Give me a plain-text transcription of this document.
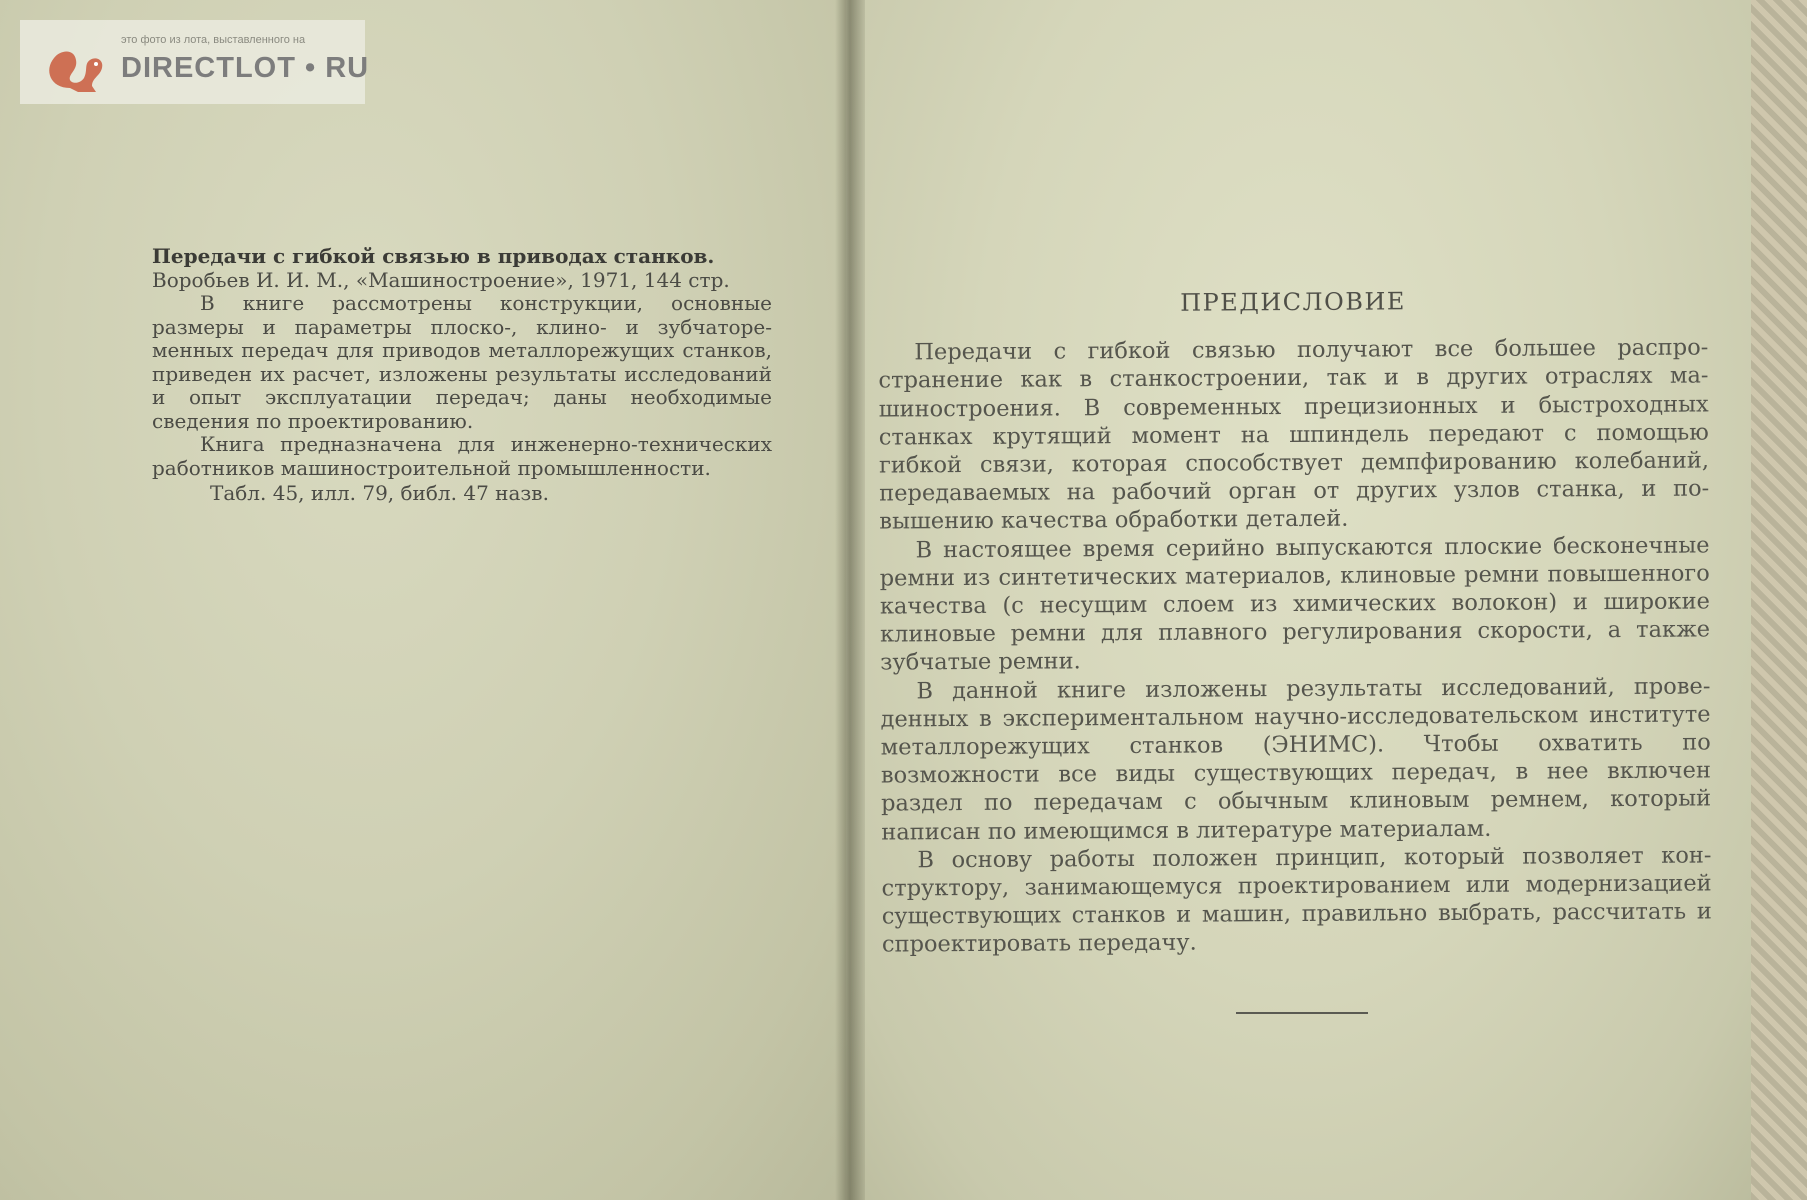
это фото из лота, выставленного на
DIRECTLOT • RU

Передачи с гибкой связью в приводах станков.

Воробьев И. И. М., «Машиностроение», 1971, 144 стр.

В книге рассмотрены конструкции, основные размеры и параметры плоско-, клино- и зубчатоременных передач для приводов металлорежущих станков, приведен их расчет, изложены результаты исследований и опыт эксплуатации передач; даны необходимые сведения по проектированию.

Книга предназначена для инженерно-технических работников машиностроительной промышленности.

Табл. 45, илл. 79, библ. 47 назв.

ПРЕДИСЛОВИЕ

Передачи с гибкой связью получают все большее распространение как в станкостроении, так и в других отраслях машиностроения. В современных прецизионных и быстроходных станках крутящий момент на шпиндель передают с помощью гибкой связи, которая способствует демпфированию колебаний, передаваемых на рабочий орган от других узлов станка, и повышению качества обработки деталей.

В настоящее время серийно выпускаются плоские бесконечные ремни из синтетических материалов, клиновые ремни повышенного качества (с несущим слоем из химических волокон) и широкие клиновые ремни для плавного регулирования скорости, а также зубчатые ремни.

В данной книге изложены результаты исследований, проведенных в экспериментальном научно-исследовательском институте металлорежущих станков (ЭНИМС). Чтобы охватить по возможности все виды существующих передач, в нее включен раздел по передачам с обычным клиновым ремнем, который написан по имеющимся в литературе материалам.

В основу работы положен принцип, который позволяет конструктору, занимающемуся проектированием или модернизацией существующих станков и машин, правильно выбрать, рассчитать и спроектировать передачу.
